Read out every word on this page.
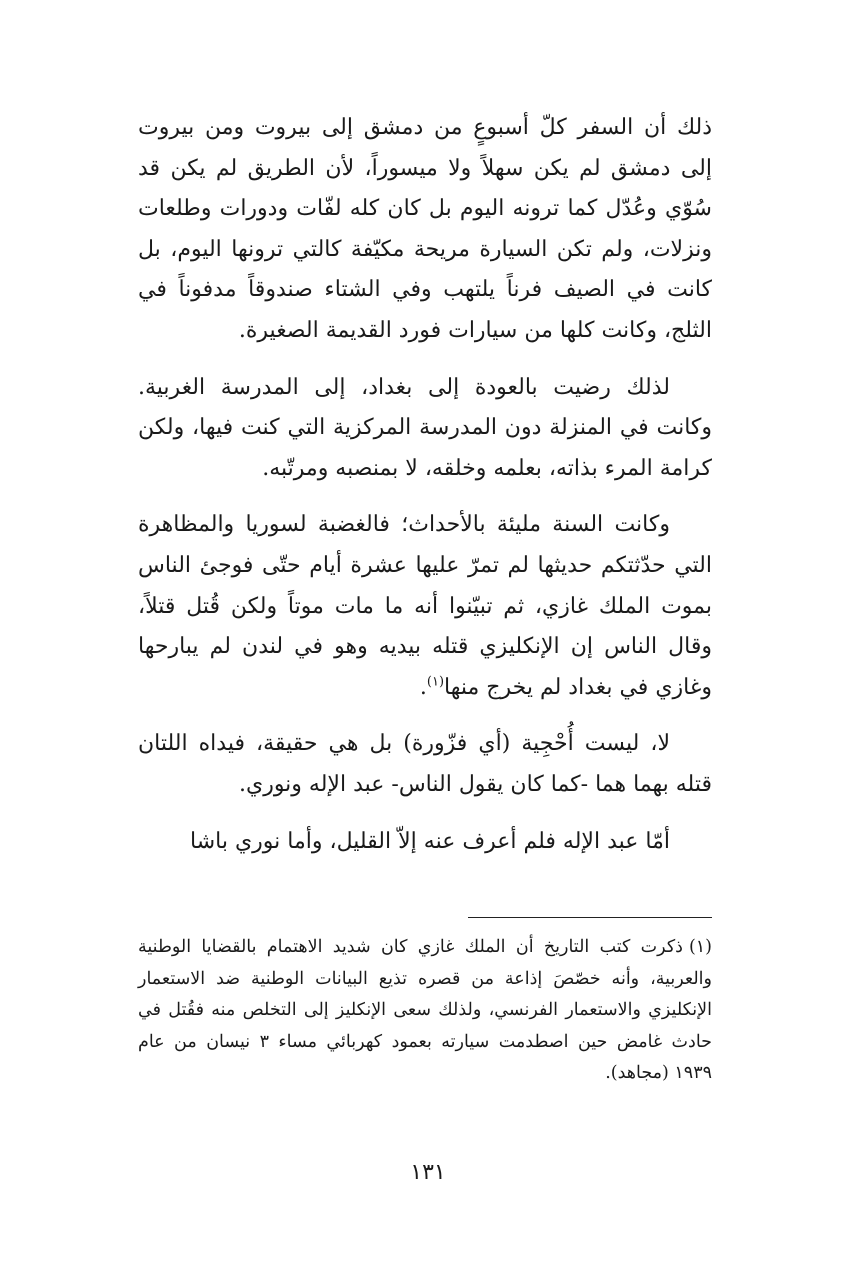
ذلك أن السفر كلّ أسبوعٍ من دمشق إلى بيروت ومن بيروت إلى دمشق لم يكن سهلاً ولا ميسوراً، لأن الطريق لم يكن قد سُوّي وعُدّل كما ترونه اليوم بل كان كله لفّات ودورات وطلعات ونزلات، ولم تكن السيارة مريحة مكيّفة كالتي ترونها اليوم، بل كانت في الصيف فرناً يلتهب وفي الشتاء صندوقاً مدفوناً في الثلج، وكانت كلها من سيارات فورد القديمة الصغيرة.

لذلك رضيت بالعودة إلى بغداد، إلى المدرسة الغربية. وكانت في المنزلة دون المدرسة المركزية التي كنت فيها، ولكن كرامة المرء بذاته، بعلمه وخلقه، لا بمنصبه ومرتّبه.

وكانت السنة مليئة بالأحداث؛ فالغضبة لسوريا والمظاهرة التي حدّثتكم حديثها لم تمرّ عليها عشرة أيام حتّى فوجئ الناس بموت الملك غازي، ثم تبيّنوا أنه ما مات موتاً ولكن قُتل قتلاً، وقال الناس إن الإنكليزي قتله بيديه وهو في لندن لم يبارحها وغازي في بغداد لم يخرج منها$^{(١)}$.

لا، ليست أُحْجِية (أي فزّورة) بل هي حقيقة، فيداه اللتان قتله بهما هما -كما كان يقول الناس- عبد الإله ونوري.

أمّا عبد الإله فلم أعرف عنه إلاّ القليل، وأما نوري باشا

(١)ذكرت كتب التاريخ أن الملك غازي كان شديد الاهتمام بالقضايا الوطنية والعربية، وأنه خصّصَ إذاعة من قصره تذيع البيانات الوطنية ضد الاستعمار الإنكليزي والاستعمار الفرنسي، ولذلك سعى الإنكليز إلى التخلص منه فقُتل في حادث غامض حين اصطدمت سيارته بعمود كهربائي مساء ٣ نيسان من عام ١٩٣٩ (مجاهد).
١٣١
